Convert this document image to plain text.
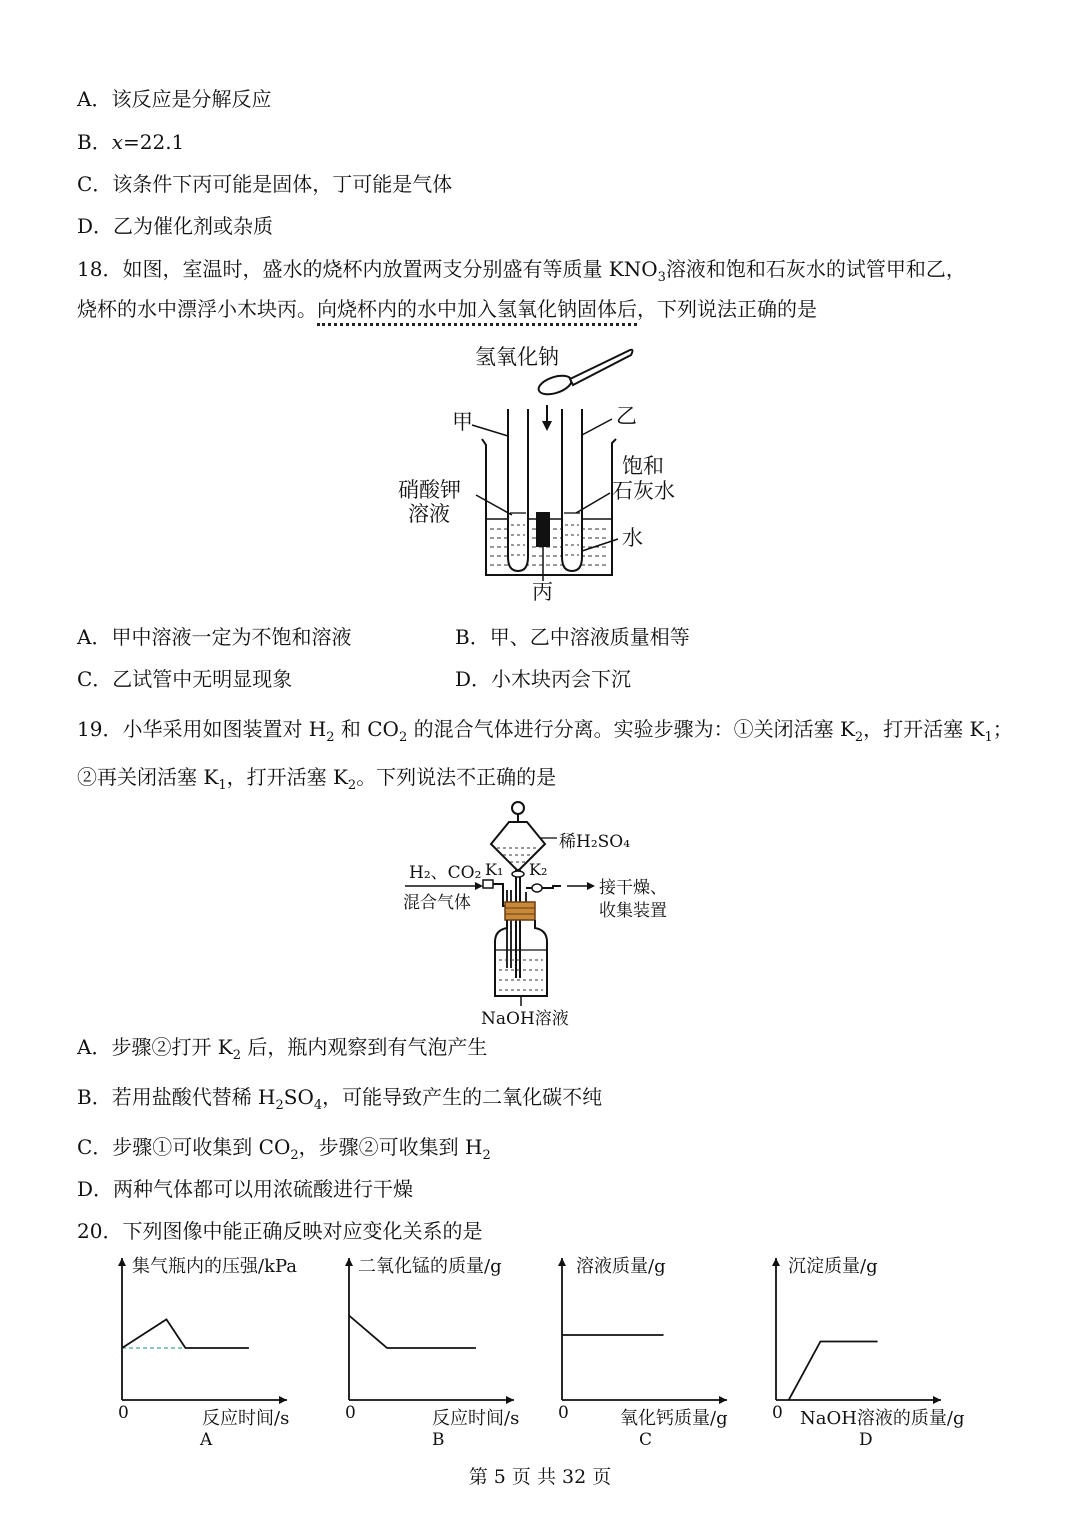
A．该反应是分解反应
B．x=22.1
C．该条件下丙可能是固体，丁可能是气体
D．乙为催化剂或杂质
18．如图，室温时，盛水的烧杯内放置两支分别盛有等质量 $KNO_3$溶液和饱和石灰水的试管甲和乙，
烧杯的水中漂浮小木块丙。向烧杯内的水中加入氢氧化钠固体后，下列说法正确的是
氢氧化钠
甲	乙
丙
硝酸钾
溶液
饱和
石灰水
水
A．甲中溶液一定为不饱和溶液	B．甲、乙中溶液质量相等
C．乙试管中无明显现象	D．小木块丙会下沉
19．小华采用如图装置对 $H_2$ 和 $CO_2$ 的混合气体进行分离。实验步骤为：①关闭活塞 $K_2$，打开活塞 $K_1$；
②再关闭活塞 $K_1$，打开活塞 $K_2$。下列说法不正确的是
稀H₂SO₄
K₁ K₂
H₂、CO₂
混合气体
接干燥、
收集装置
NaOH溶液
A．步骤②打开 $K_2$ 后，瓶内观察到有气泡产生
B．若用盐酸代替稀 $H_2SO_4$，可能导致产生的二氧化碳不纯
C．步骤①可收集到 $CO_2$，步骤②可收集到 $H_2$
D．两种气体都可以用浓硫酸进行干燥
20．下列图像中能正确反映对应变化关系的是
集气瓶内的压强/kPa
反应时间/s
0
A
二氧化锰的质量/g
反应时间/s
0
B
溶液质量/g
氧化钙质量/g
0
C
沉淀质量/g
NaOH溶液的质量/g
0
D
第 5 页 共 32 页
